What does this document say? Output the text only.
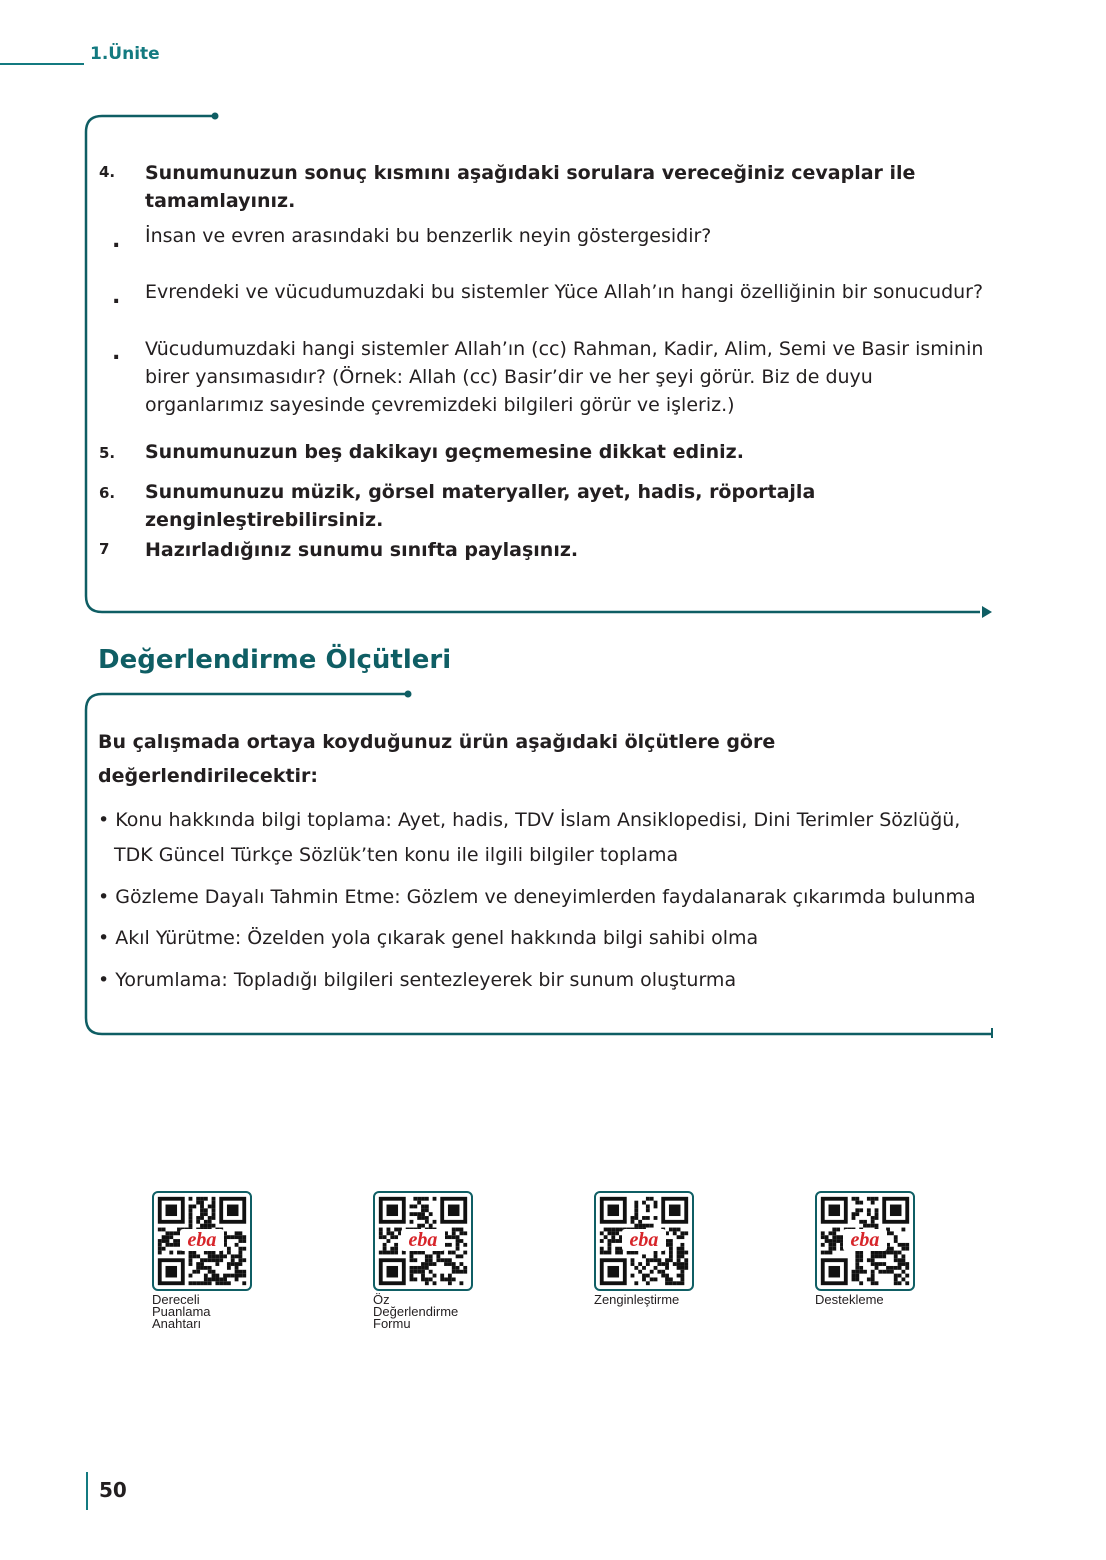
1.Ünite
4. Sunumunuzun sonuç kısmını aşağıdaki sorulara vereceğiniz cevaplar ile tamamlayınız.
. İnsan ve evren arasındaki bu benzerlik neyin göstergesidir?
. Evrendeki ve vücudumuzdaki bu sistemler Yüce Allah’ın hangi özelliğinin bir sonucudur?
. Vücudumuzdaki hangi sistemler Allah’ın (cc) Rahman, Kadir, Alim, Semi ve Basir isminin birer yansımasıdır? (Örnek: Allah (cc) Basir’dir ve her şeyi görür. Biz de duyu organlarımız sayesinde çevremizdeki bilgileri görür ve işleriz.)
5. Sunumunuzun beş dakikayı geçmemesine dikkat ediniz.
6. Sunumunuzu müzik, görsel materyaller, ayet, hadis, röportajla zenginleştirebilirsiniz.
7 Hazırladığınız sunumu sınıfta paylaşınız.
Değerlendirme Ölçütleri
Bu çalışmada ortaya koyduğunuz ürün aşağıdaki ölçütlere göre
değerlendirilecektir:
• Konu hakkında bilgi toplama: Ayet, hadis, TDV İslam Ansiklopedisi, Dini Terimler Sözlüğü,
TDK Güncel Türkçe Sözlük’ten konu ile ilgili bilgiler toplama
• Gözleme Dayalı Tahmin Etme: Gözlem ve deneyimlerden faydalanarak çıkarımda bulunma
• Akıl Yürütme: Özelden yola çıkarak genel hakkında bilgi sahibi olma
• Yorumlama: Topladığı bilgileri sentezleyerek bir sunum oluşturma
eba
Dereceli
Puanlama
Anahtarı
eba
Öz
Değerlendirme
Formu
eba
Zenginleştirme
eba
Destekleme
50
